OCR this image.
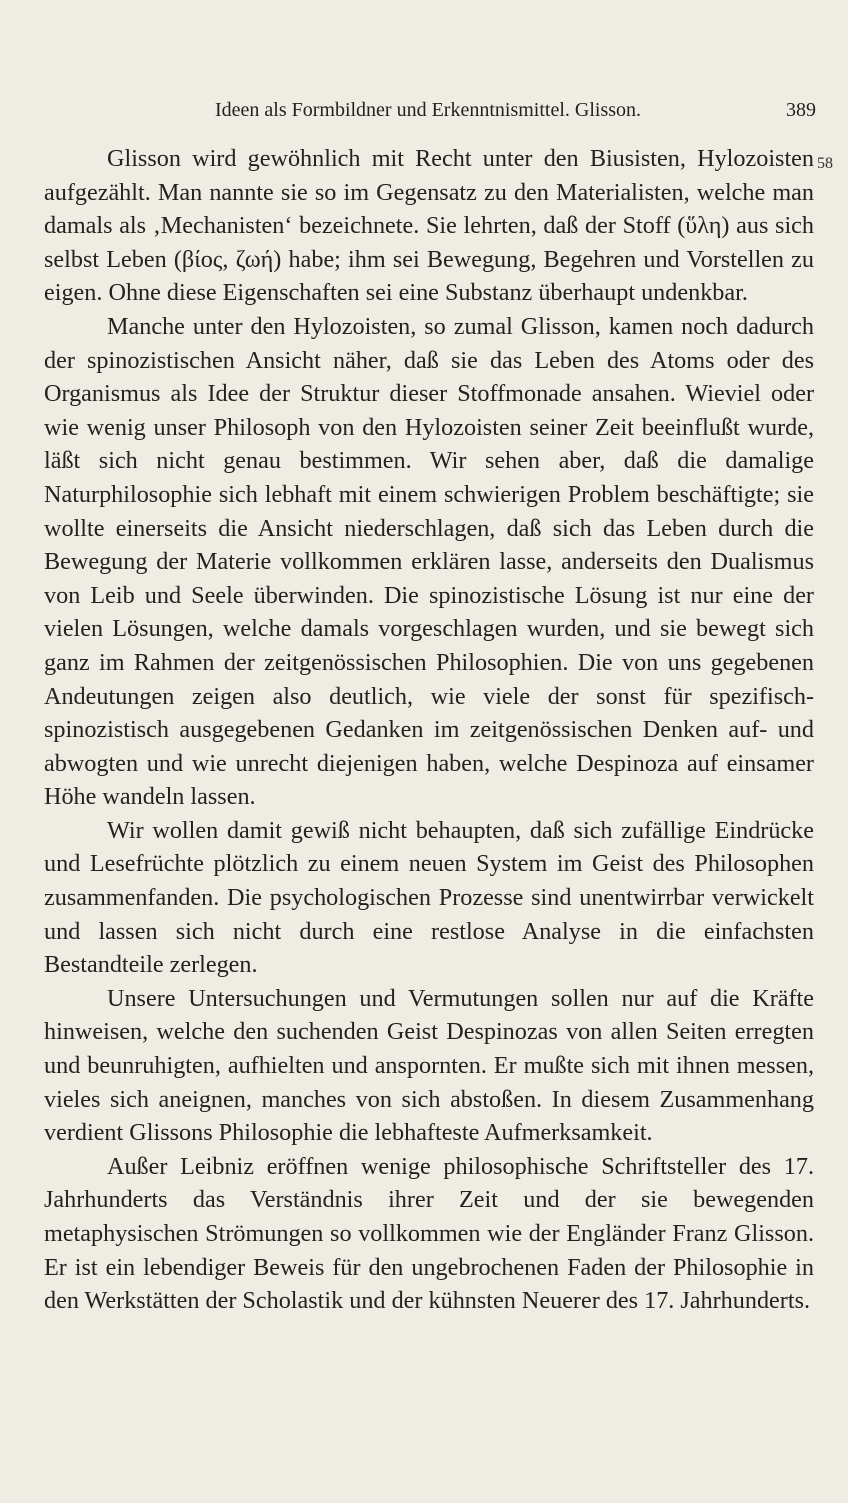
Ideen als Formbildner und Erkenntnismittel. Glisson.	389
58

Glisson wird gewöhnlich mit Recht unter den Biusisten, Hylozoisten aufgezählt. Man nannte sie so im Gegensatz zu den Materialisten, welche man damals als ‚Mechanisten‘ bezeichnete. Sie lehrten, daß der Stoff (ὕλη) aus sich selbst Leben (βίος, ζωή) habe; ihm sei Bewegung, Begehren und Vorstellen zu eigen. Ohne diese Eigenschaften sei eine Substanz überhaupt undenkbar.

Manche unter den Hylozoisten, so zumal Glisson, kamen noch dadurch der spinozistischen Ansicht näher, daß sie das Leben des Atoms oder des Organismus als Idee der Struktur dieser Stoffmonade ansahen. Wieviel oder wie wenig unser Philosoph von den Hylozoisten seiner Zeit beeinflußt wurde, läßt sich nicht genau bestimmen. Wir sehen aber, daß die damalige Naturphilosophie sich lebhaft mit einem schwierigen Problem beschäftigte; sie wollte einerseits die Ansicht niederschlagen, daß sich das Leben durch die Bewegung der Materie vollkommen erklären lasse, anderseits den Dualismus von Leib und Seele überwinden. Die spinozistische Lösung ist nur eine der vielen Lösungen, welche damals vorgeschlagen wurden, und sie bewegt sich ganz im Rahmen der zeitgenössischen Philosophien. Die von uns gegebenen Andeutungen zeigen also deutlich, wie viele der sonst für spezifisch-spinozistisch ausgegebenen Gedanken im zeitgenössischen Denken auf- und abwogten und wie unrecht diejenigen haben, welche Despinoza auf einsamer Höhe wandeln lassen.

Wir wollen damit gewiß nicht behaupten, daß sich zufällige Eindrücke und Lesefrüchte plötzlich zu einem neuen System im Geist des Philosophen zusammenfanden. Die psychologischen Prozesse sind unentwirrbar verwickelt und lassen sich nicht durch eine restlose Analyse in die einfachsten Bestandteile zerlegen.

Unsere Untersuchungen und Vermutungen sollen nur auf die Kräfte hinweisen, welche den suchenden Geist Despinozas von allen Seiten erregten und beunruhigten, aufhielten und anspornten. Er mußte sich mit ihnen messen, vieles sich aneignen, manches von sich abstoßen. In diesem Zusammenhang verdient Glissons Philosophie die lebhafteste Aufmerksamkeit.

Außer Leibniz eröffnen wenige philosophische Schriftsteller des 17. Jahrhunderts das Verständnis ihrer Zeit und der sie bewegenden metaphysischen Strömungen so vollkommen wie der Engländer Franz Glisson. Er ist ein lebendiger Beweis für den ungebrochenen Faden der Philosophie in den Werkstätten der Scholastik und der kühnsten Neuerer des 17. Jahrhunderts.
